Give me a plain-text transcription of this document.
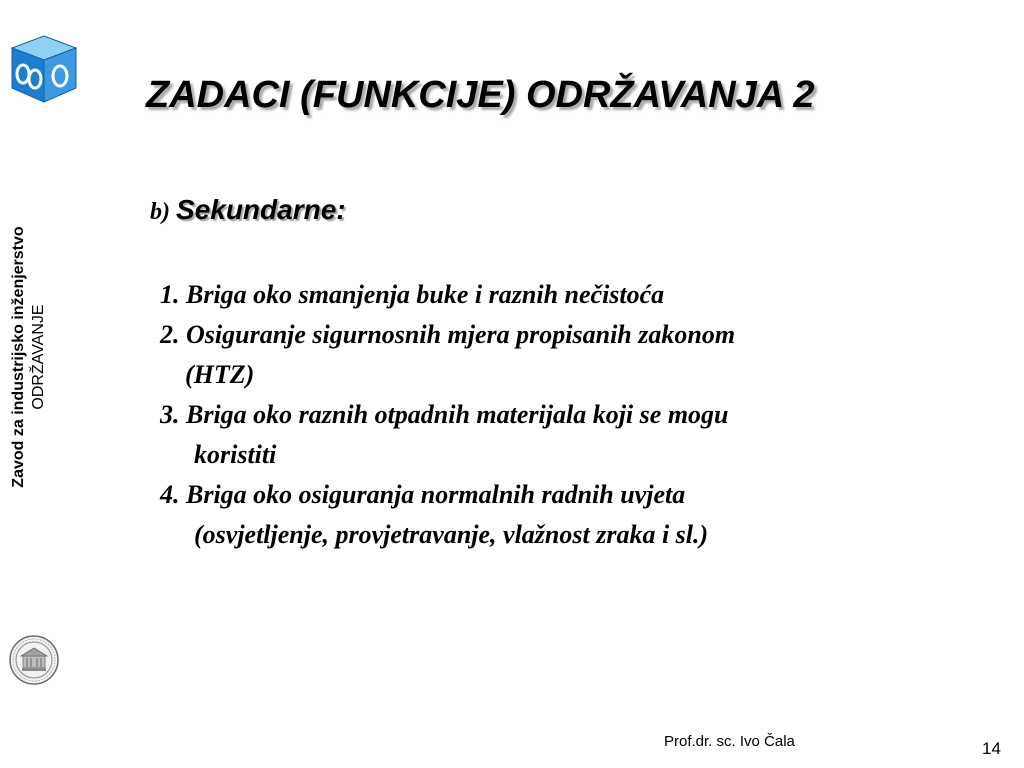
ZADACI (FUNKCIJE) ODRŽAVANJA 2
Zavod za industrijsko inženjerstvo ODRŽAVANJE
b) Sekundarne:
1. Briga oko smanjenja buke i raznih nečistoća
2. Osiguranje sigurnosnih mjera propisanih zakonom
(HTZ)
3. Briga oko raznih otpadnih materijala koji se mogu
koristiti
4. Briga oko osiguranja normalnih radnih uvjeta
(osvjetljenje, provjetravanje, vlažnost zraka i sl.)
Prof.dr. sc. Ivo Čala	14
